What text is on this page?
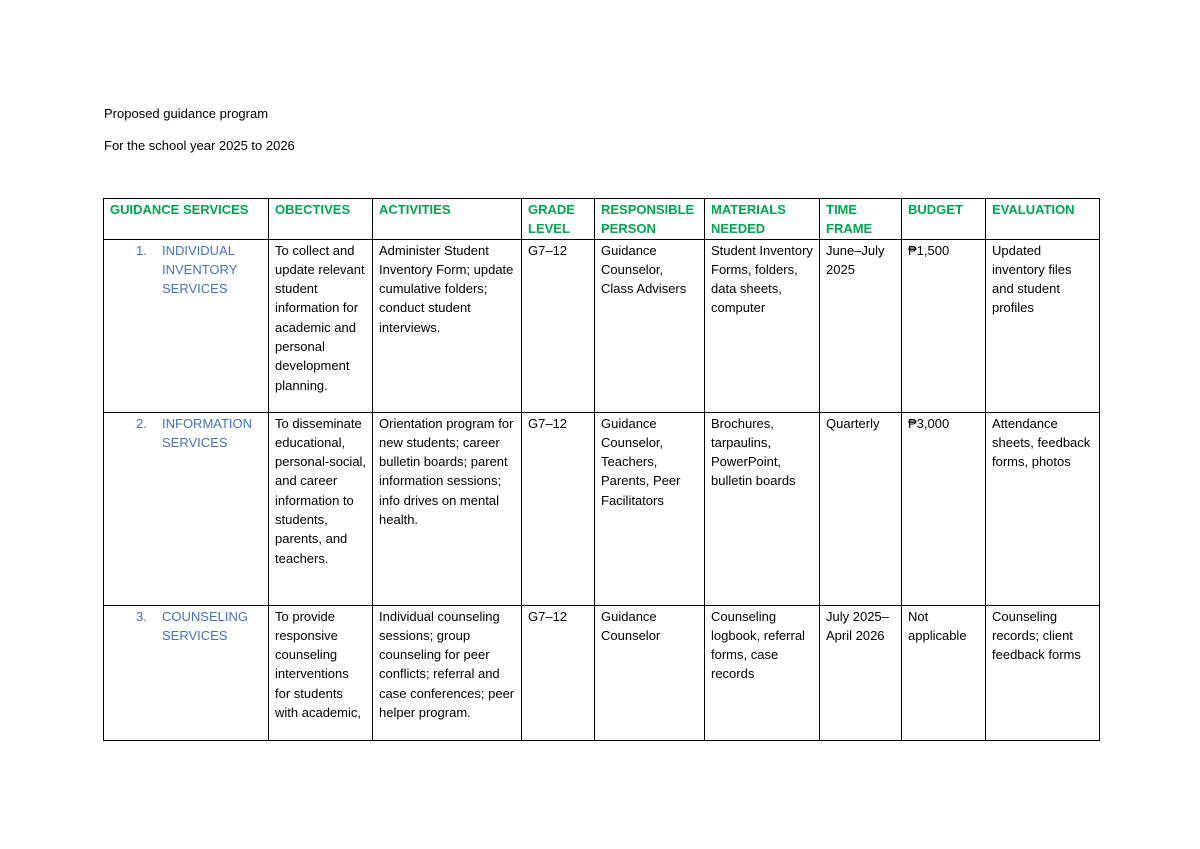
Proposed guidance program
For the school year 2025 to 2026
GUIDANCE SERVICES	OBECTIVES	ACTIVITIES	GRADE LEVEL	RESPONSIBLE PERSON	MATERIALS NEEDED	TIME FRAME	BUDGET	EVALUATION

1. INDIVIDUAL INVENTORY SERVICES	To collect and update relevant student information for academic and personal development planning.	Administer Student Inventory Form; update cumulative folders; conduct student interviews.	G7–12	Guidance Counselor, Class Advisers	Student Inventory Forms, folders, data sheets, computer	June–July 2025	₱1,500	Updated inventory files and student profiles

2. INFORMATION SERVICES	To disseminate educational, personal-social, and career information to students, parents, and teachers.	Orientation program for new students; career bulletin boards; parent information sessions; info drives on mental health.	G7–12	Guidance Counselor, Teachers, Parents, Peer Facilitators	Brochures, tarpaulins, PowerPoint, bulletin boards	Quarterly	₱3,000	Attendance sheets, feedback forms, photos

3. COUNSELING SERVICES	To provide responsive counseling interventions for students with academic,	Individual counseling sessions; group counseling for peer conflicts; referral and case conferences; peer helper program.	G7–12	Guidance Counselor	Counseling logbook, referral forms, case records	July 2025– April 2026	Not applicable	Counseling records; client feedback forms
